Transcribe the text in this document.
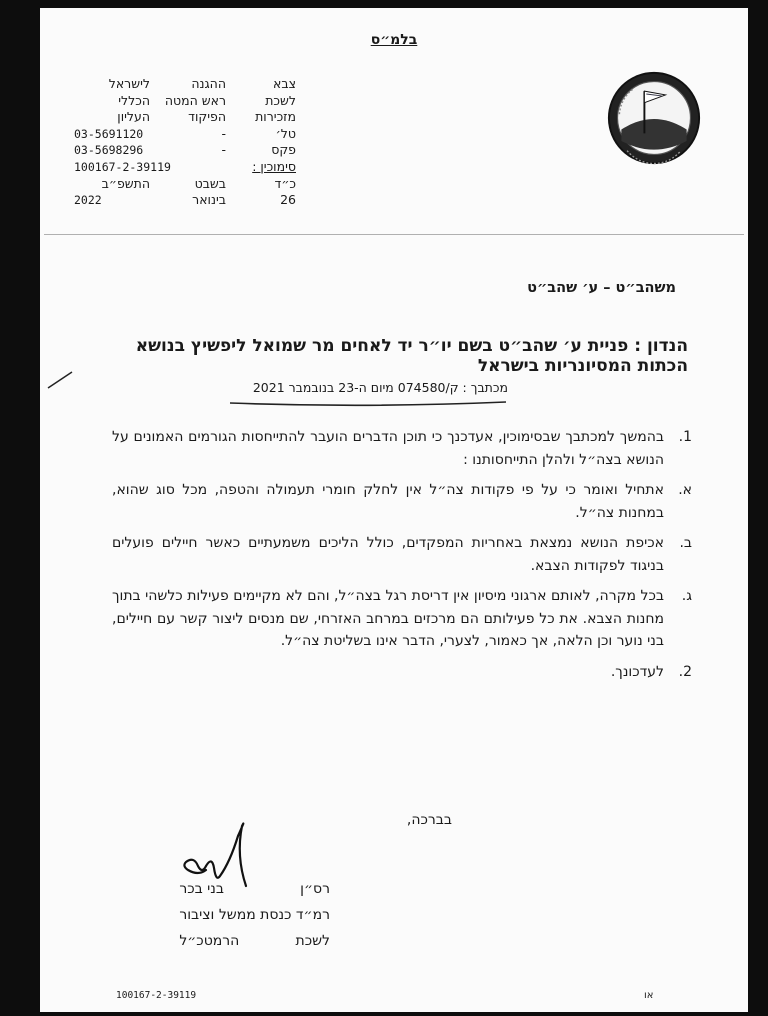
בלמ״ס
צבא
לשכת
מזכירות
טל׳
פקס
סימוכין :
כ״ד
26
ההגנה
ראש המטה
הפיקוד
-
-
בשבט
בינואר
לישראל
הכללי
העליון
03-5691120
03-5698296
100167-2-39119
התשפ״ב
2022
משהב״ט – ע׳ שהב״ט
הנדון : פניית ע׳ שהב״ט בשם יו״ר יד לאחים מר שמואל ליפשיץ בנושא הכתות המסיונריות בישראל
מכתבך : ק/074580 מיום ה-23 בנובמבר 2021
1.
בהמשך למכתבך שבסימוכין, אעדכנך כי תוכן הדברים הועבר להתייחסות הגורמים האמונים על הנושא בצה״ל ולהלן התייחסותנו :
א.
אתחיל ואומר כי על פי פקודות צה״ל אין לחלק חומרי תעמולה והטפה, מכל סוג שהוא, במחנות צה״ל.
ב.
אכיפת הנושא נמצאת באחריות המפקדים, כולל הליכים משמעתיים כאשר חיילים פועלים בניגוד לפקודות הצבא.
ג.
בכל מקרה, לאותם ארגוני מיסיון אין דריסת רגל בצה״ל, והם לא מקיימים פעילות כלשהי בתוך מחנות הצבא. את כל פעילותם הם מרכזים במרחב האזרחי, שם מנסים ליצור קשר עם חיילים, בני נוער וכן הלאה, אך כאמור, לצערי, הדבר אינו בשליטת צה״ל.
2.
לעדכונך.
בברכה,
רס״ן
בני בכר
רמ״ד כנסת ממשל וציבור
לשכת
הרמטכ״ל
100167-2-39119	או
